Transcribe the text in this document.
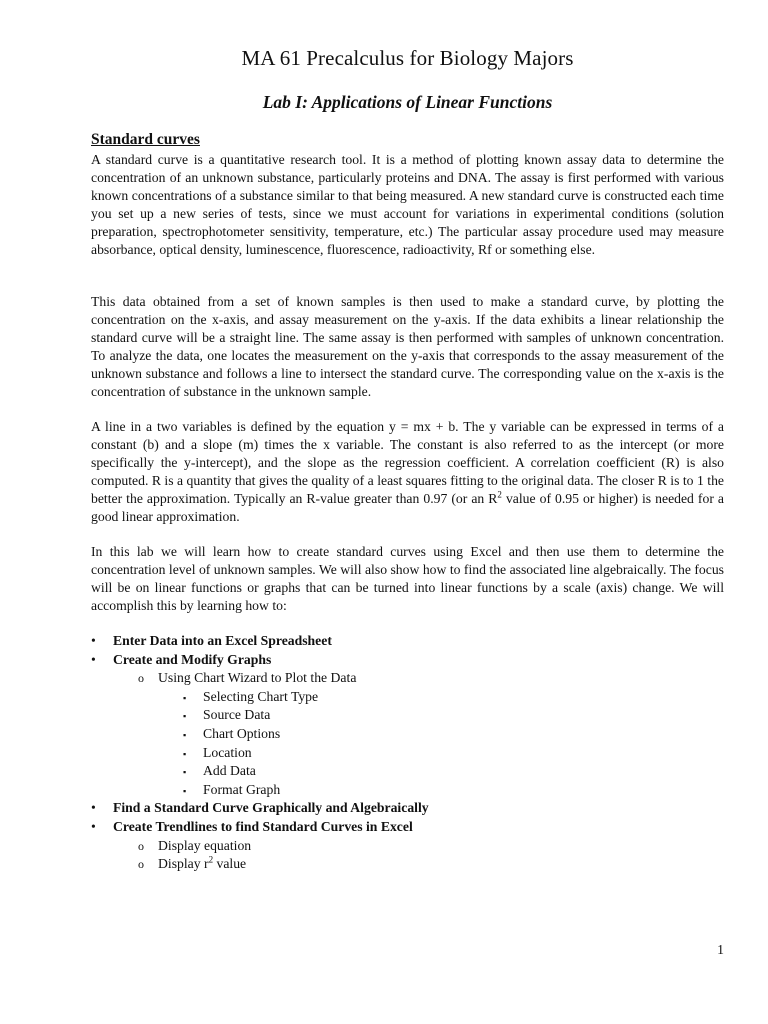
MA 61 Precalculus for Biology Majors
Lab I: Applications of Linear Functions
Standard curves

A standard curve is a quantitative research tool. It is a method of plotting known assay data to determine the concentration of an unknown substance, particularly proteins and DNA. The assay is first performed with various known concentrations of a substance similar to that being measured. A new standard curve is constructed each time you set up a new series of tests, since we must account for variations in experimental conditions (solution preparation, spectrophotometer sensitivity, temperature, etc.) The particular assay procedure used may measure absorbance, optical density, luminescence, fluorescence, radioactivity, Rf or something else.

This data obtained from a set of known samples is then used to make a standard curve, by plotting the concentration on the x-axis, and assay measurement on the y-axis. If the data exhibits a linear relationship the standard curve will be a straight line. The same assay is then performed with samples of unknown concentration. To analyze the data, one locates the measurement on the y-axis that corresponds to the assay measurement of the unknown substance and follows a line to intersect the standard curve. The corresponding value on the x-axis is the concentration of substance in the unknown sample.

A line in a two variables is defined by the equation y = mx + b. The y variable can be expressed in terms of a constant (b) and a slope (m) times the x variable. The constant is also referred to as the intercept (or more specifically the y-intercept), and the slope as the regression coefficient. A correlation coefficient (R) is also computed. R is a quantity that gives the quality of a least squares fitting to the original data. The closer R is to 1 the better the approximation. Typically an R-value greater than 0.97 (or an $R^2$ value of 0.95 or higher) is needed for a good linear approximation.

In this lab we will learn how to create standard curves using Excel and then use them to determine the concentration level of unknown samples. We will also show how to find the associated line algebraically. The focus will be on linear functions or graphs that can be turned into linear functions by a scale (axis) change. We will accomplish this by learning how to:

• Enter Data into an Excel Spreadsheet
• Create and Modify Graphs
o Using Chart Wizard to Plot the Data
▪ Selecting Chart Type
▪ Source Data
▪ Chart Options
▪ Location
▪ Add Data
▪ Format Graph
• Find a Standard Curve Graphically and Algebraically
• Create Trendlines to find Standard Curves in Excel
o Display equation
o Display $r^2$ value

1
